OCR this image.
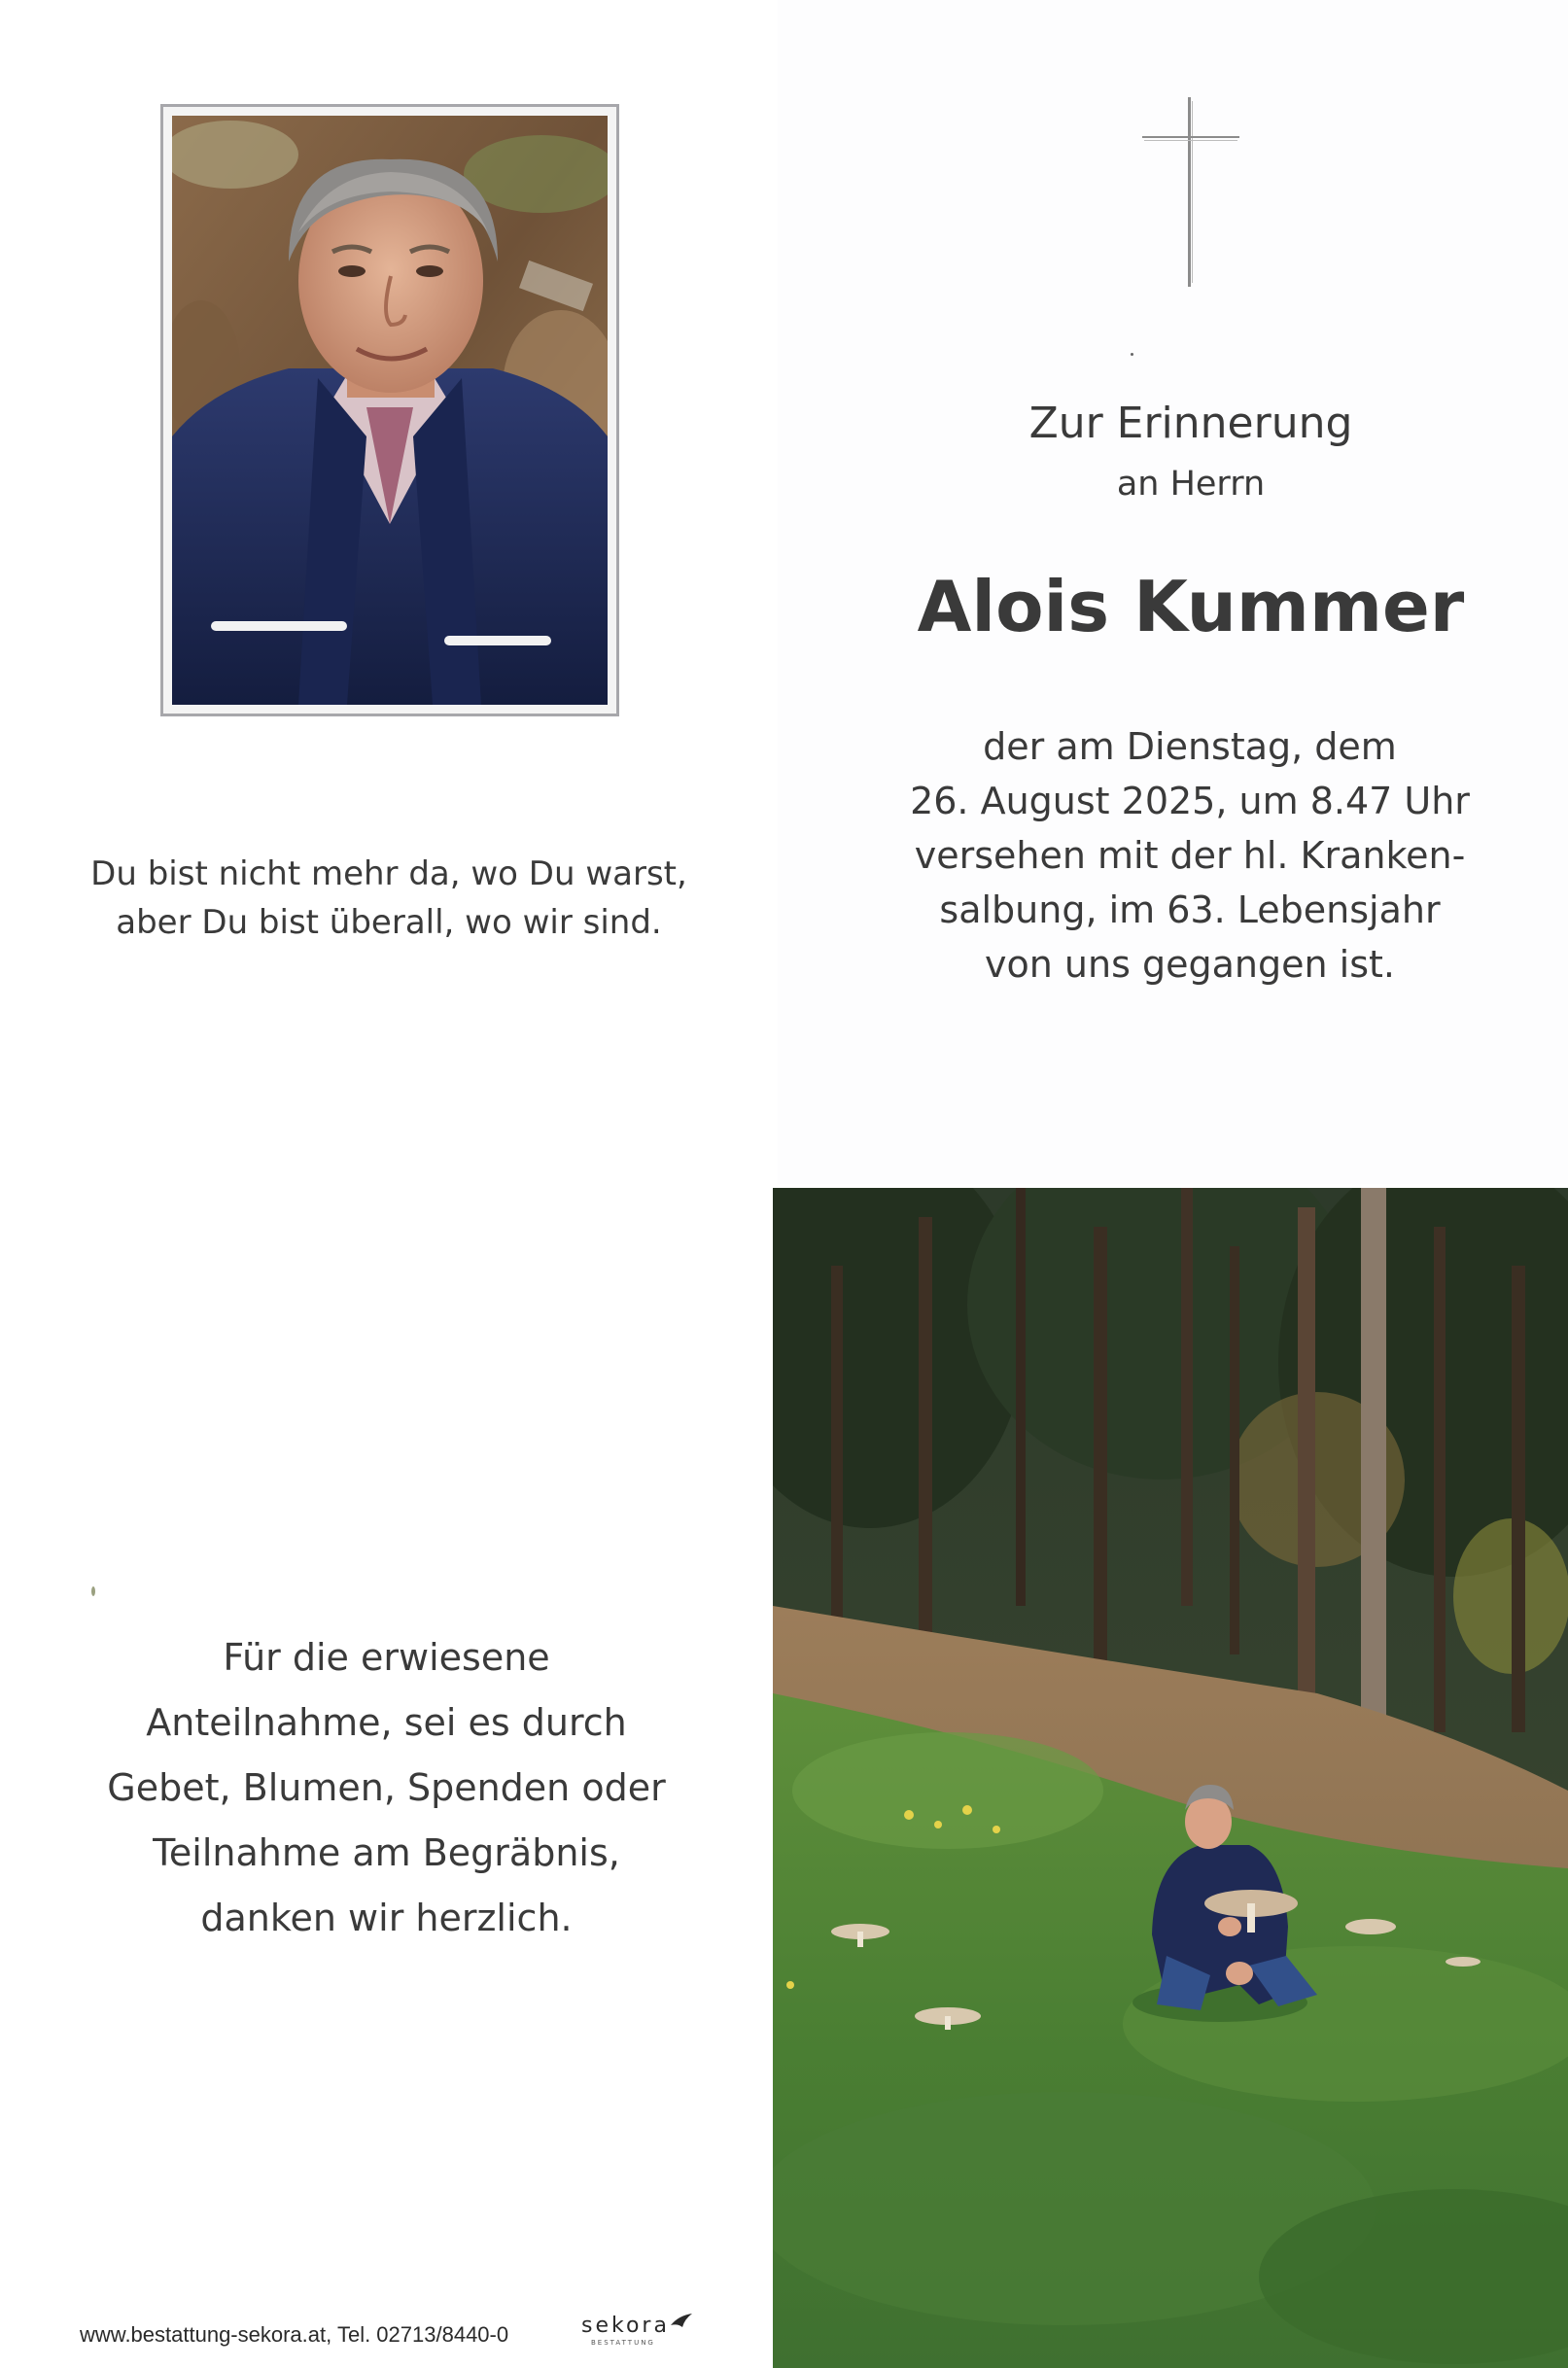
Du bist nicht mehr da, wo Du warst,
aber Du bist überall, wo wir sind.
Zur Erinnerung
an Herrn
Alois Kummer
der am Dienstag, dem
26. August 2025, um 8.47 Uhr
versehen mit der hl. Kranken-
salbung, im 63. Lebensjahr
von uns gegangen ist.
Für die erwiesene
Anteilnahme, sei es durch
Gebet, Blumen, Spenden oder
Teilnahme am Begräbnis,
danken wir herzlich.
www.bestattung-sekora.at, Tel. 02713/8440-0	sekora
BESTATTUNG
